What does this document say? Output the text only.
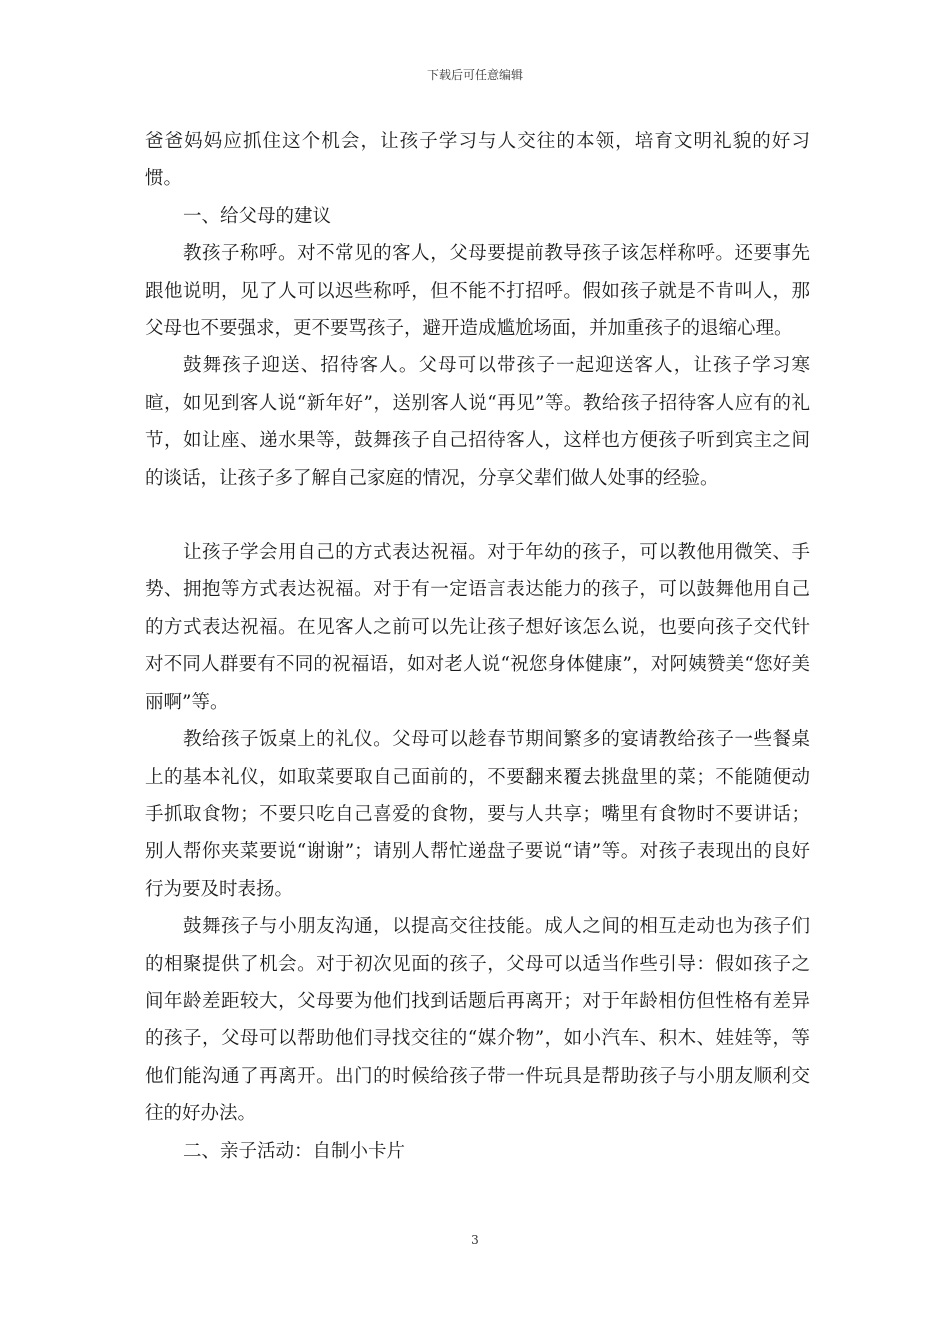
下载后可任意编辑

爸爸妈妈应抓住这个机会，让孩子学习与人交往的本领，培育文明礼貌的好习惯。

一、给父母的建议

教孩子称呼。对不常见的客人，父母要提前教导孩子该怎样称呼。还要事先跟他说明，见了人可以迟些称呼，但不能不打招呼。假如孩子就是不肯叫人，那父母也不要强求，更不要骂孩子，避开造成尴尬场面，并加重孩子的退缩心理。

鼓舞孩子迎送、招待客人。父母可以带孩子一起迎送客人，让孩子学习寒暄，如见到客人说“新年好”，送别客人说“再见”等。教给孩子招待客人应有的礼节，如让座、递水果等，鼓舞孩子自己招待客人，这样也方便孩子听到宾主之间的谈话，让孩子多了解自己家庭的情况，分享父辈们做人处事的经验。

让孩子学会用自己的方式表达祝福。对于年幼的孩子，可以教他用微笑、手势、拥抱等方式表达祝福。对于有一定语言表达能力的孩子，可以鼓舞他用自己的方式表达祝福。在见客人之前可以先让孩子想好该怎么说，也要向孩子交代针对不同人群要有不同的祝福语，如对老人说“祝您身体健康”，对阿姨赞美“您好美丽啊”等。

教给孩子饭桌上的礼仪。父母可以趁春节期间繁多的宴请教给孩子一些餐桌上的基本礼仪，如取菜要取自己面前的，不要翻来覆去挑盘里的菜；不能随便动手抓取食物；不要只吃自己喜爱的食物，要与人共享；嘴里有食物时不要讲话；别人帮你夹菜要说“谢谢”；请别人帮忙递盘子要说“请”等。对孩子表现出的良好行为要及时表扬。

鼓舞孩子与小朋友沟通，以提高交往技能。成人之间的相互走动也为孩子们的相聚提供了机会。对于初次见面的孩子，父母可以适当作些引导：假如孩子之间年龄差距较大，父母要为他们找到话题后再离开；对于年龄相仿但性格有差异的孩子，父母可以帮助他们寻找交往的“媒介物”，如小汽车、积木、娃娃等，等他们能沟通了再离开。出门的时候给孩子带一件玩具是帮助孩子与小朋友顺利交往的好办法。

二、亲子活动：自制小卡片

3
